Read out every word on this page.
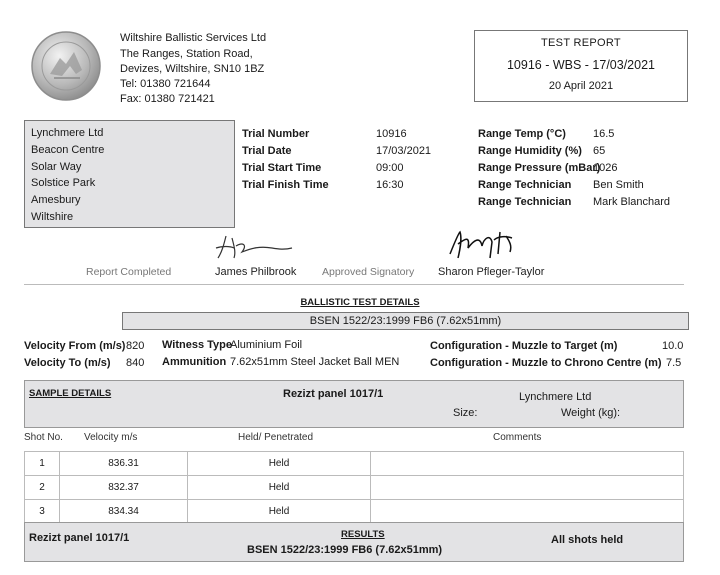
Wiltshire Ballistic Services Ltd
The Ranges, Station Road,
Devizes, Wiltshire, SN10 1BZ
Tel: 01380 721644
Fax: 01380 721421
TEST REPORT
10916 - WBS - 17/03/2021
20 April 2021
Lynchmere Ltd
Beacon Centre
Solar Way
Solstice Park
Amesbury
Wiltshire
Trial Number	10916
Trial Date	17/03/2021
Trial Start Time	09:00
Trial Finish Time	16:30
Range Temp (°C) 16.5
Range Humidity (%) 65
Range Pressure (mBar)
1026
Range Technician Ben Smith
Range Technician Mark Blanchard
Report Completed	James Philbrook Approved Signatory Sharon Pfleger-Taylor
BALLISTIC TEST DETAILS
BSEN 1522/23:1999 FB6 (7.62x51mm)
Velocity From (m/s) 820
Velocity To (m/s) 840
Witness Type
Aluminium Foil
Ammunition 7.62x51mm Steel Jacket Ball MEN
Configuration - Muzzle to Target (m)	10.0
Configuration - Muzzle to Chrono Centre (m) 7.5
SAMPLE DETAILS	Rezizt panel 1017/1	Lynchmere Ltd
Size:	Weight (kg):
Shot No. Velocity m/s	Held/ Penetrated	Comments
1	836.31	Held	
2	832.37	Held	
3	834.34	Held	
Rezizt panel 1017/1	RESULTS
BSEN 1522/23:1999 FB6 (7.62x51mm)
All shots held
